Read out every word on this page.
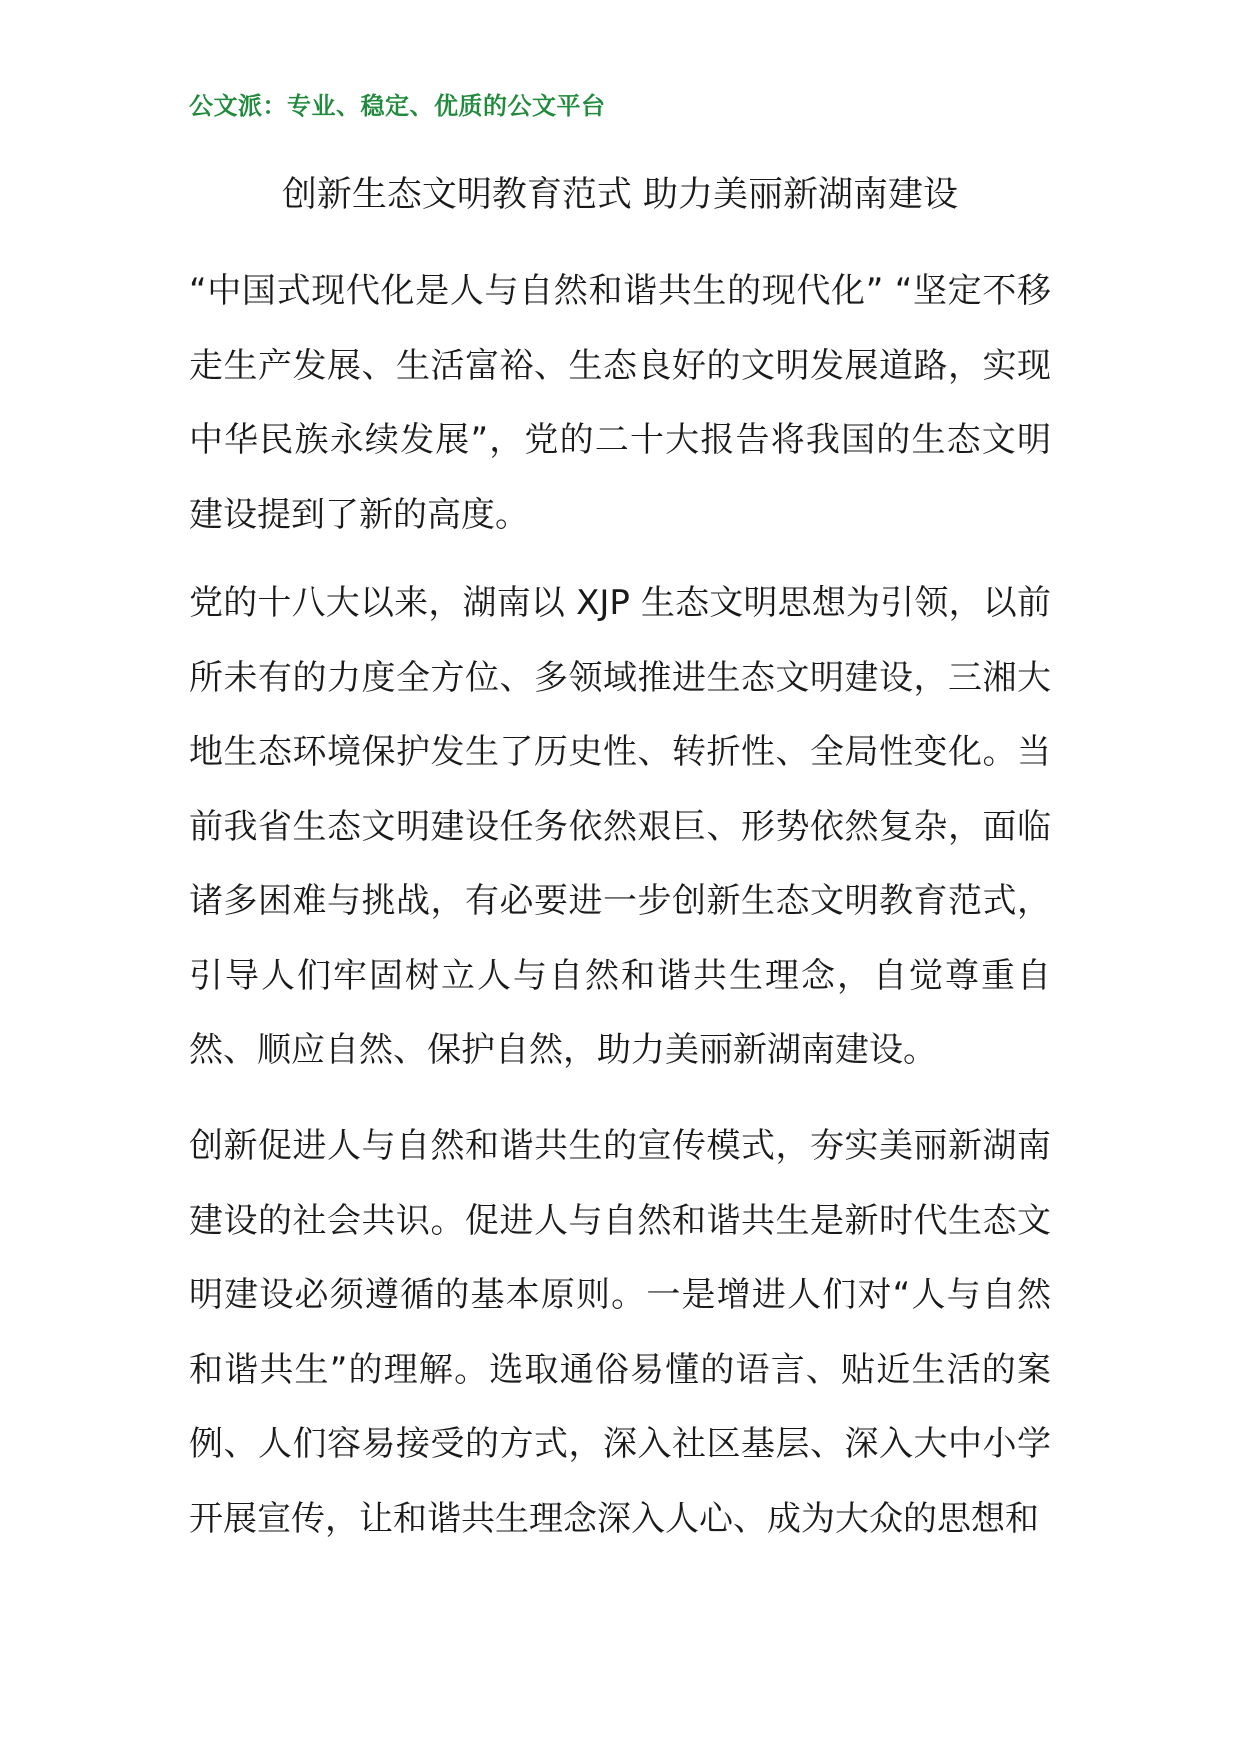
公文派：专业、稳定、优质的公文平台
创新生态文明教育范式 助力美丽新湖南建设
“中国式现代化是人与自然和谐共生的现代化” “坚定不移走生产发展、生活富裕、生态良好的文明发展道路，实现中华民族永续发展”，党的二十大报告将我国的生态文明建设提到了新的高度。
党的十八大以来，湖南以 XJP 生态文明思想为引领，以前所未有的力度全方位、多领域推进生态文明建设，三湘大地生态环境保护发生了历史性、转折性、全局性变化。当前我省生态文明建设任务依然艰巨、形势依然复杂，面临诸多困难与挑战，有必要进一步创新生态文明教育范式，引导人们牢固树立人与自然和谐共生理念，自觉尊重自然、顺应自然、保护自然，助力美丽新湖南建设。
创新促进人与自然和谐共生的宣传模式，夯实美丽新湖南建设的社会共识。促进人与自然和谐共生是新时代生态文明建设必须遵循的基本原则。一是增进人们对“人与自然和谐共生”的理解。选取通俗易懂的语言、贴近生活的案例、人们容易接受的方式，深入社区基层、深入大中小学开展宣传，让和谐共生理念深入人心、成为大众的思想和
